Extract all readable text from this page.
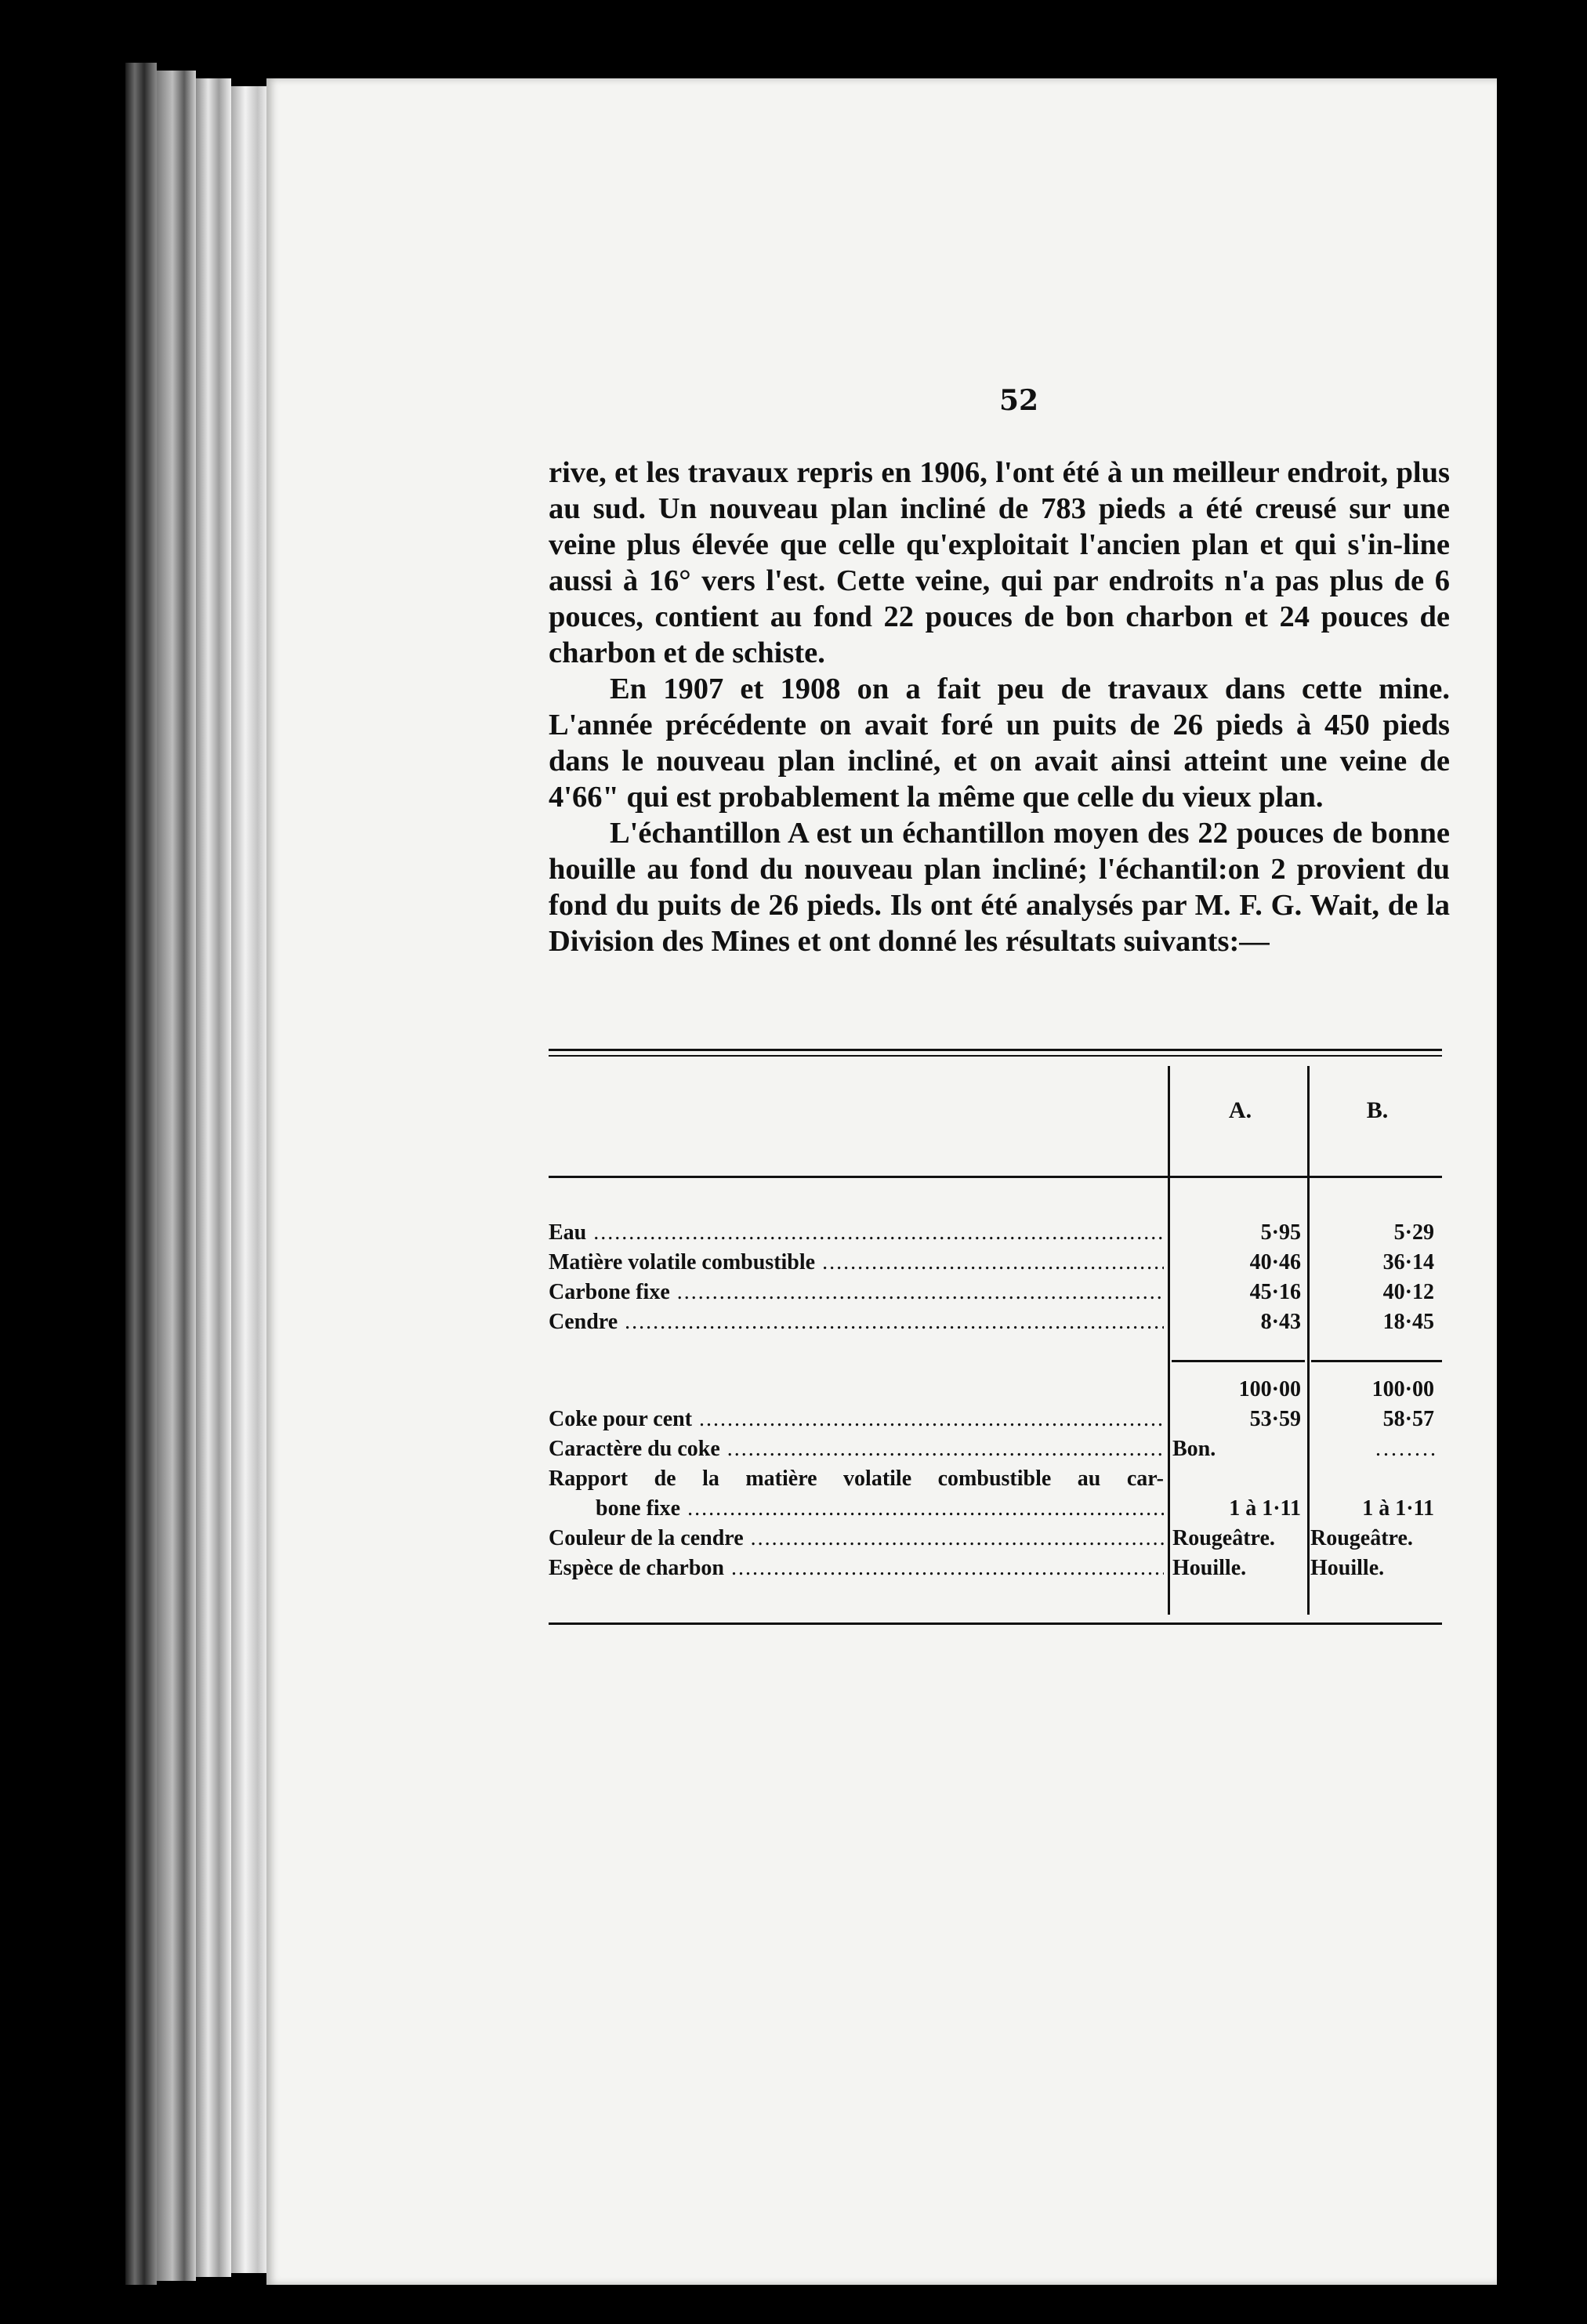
52

rive, et les travaux repris en 1906, l'ont été à un meilleur endroit, plus au sud. Un nouveau plan incliné de 783 pieds a été creusé sur une veine plus élevée que celle qu'exploitait l'ancien plan et qui s'in-line aussi à 16° vers l'est. Cette veine, qui par endroits n'a pas plus de 6 pouces, contient au fond 22 pouces de bon charbon et 24 pouces de charbon et de schiste.

En 1907 et 1908 on a fait peu de travaux dans cette mine. L'année précédente on avait foré un puits de 26 pieds à 450 pieds dans le nouveau plan incliné, et on avait ainsi atteint une veine de 4'66" qui est probablement la même que celle du vieux plan.

L'échantillon A est un échantillon moyen des 22 pouces de bonne houille au fond du nouveau plan incliné; l'échantil:on 2 provient du fond du puits de 26 pieds. Ils ont été analysés par M. F. G. Wait, de la Division des Mines et ont donné les résultats suivants:—

A.	B.
Eau .....	5·95	5·29
Matière volatile combustible .....	40·46	36·14
Carbone fixe .....	45·16	40·12
Cendre .....	8·43	18·45
100·00	100·00
Coke pour cent .....	53·59	58·57
Caractère du coke .....	Bon.	........
Rapport de la matière volatile combustible au car-
bone fixe .....	1 à 1·11	1 à 1·11
Couleur de la cendre .....	Rougeâtre.	Rougeâtre.
Espèce de charbon .....	Houille.	Houille.
